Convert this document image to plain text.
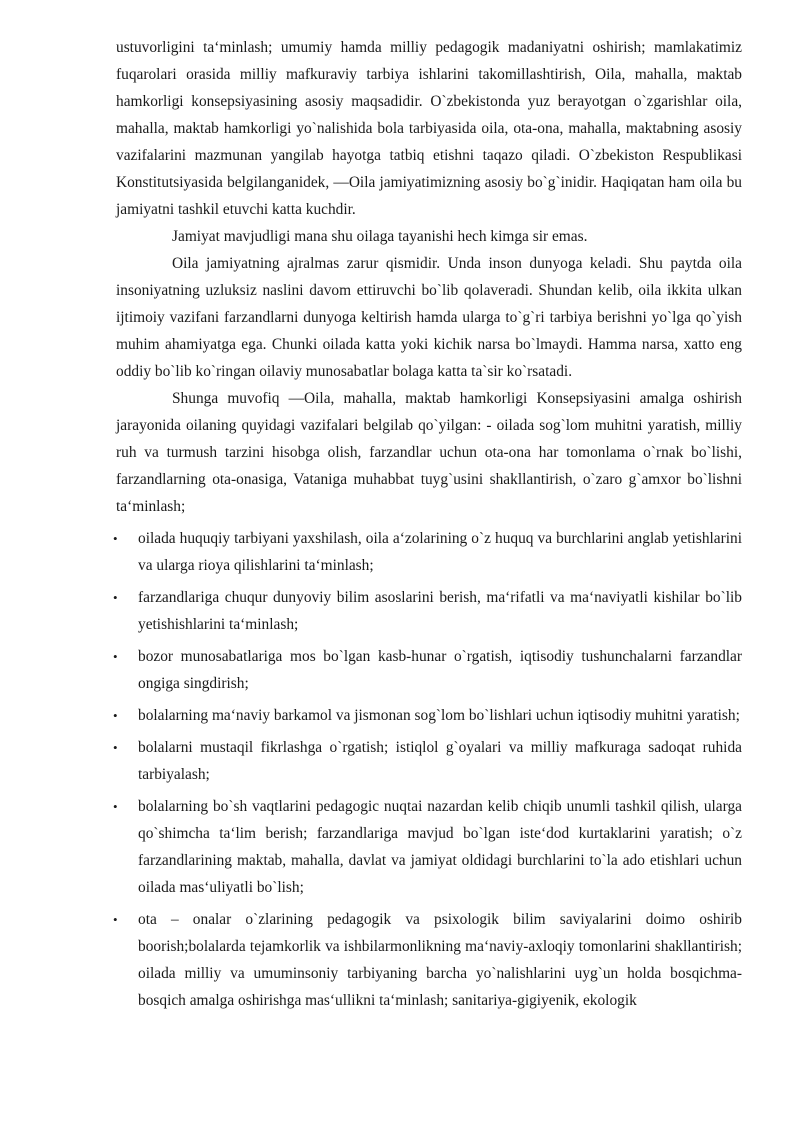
ustuvorligini ta‘minlash; umumiy hamda milliy pedagogik madaniyatni oshirish; mamlakatimiz fuqarolari orasida milliy mafkuraviy tarbiya ishlarini takomillashtirish, Oila, mahalla, maktab hamkorligi konsepsiyasining asosiy maqsadidir. O`zbekistonda yuz berayotgan o`zgarishlar oila, mahalla, maktab hamkorligi yo`nalishida bola tarbiyasida oila, ota-ona, mahalla, maktabning asosiy vazifalarini mazmunan yangilab hayotga tatbiq etishni taqazo qiladi. O`zbekiston Respublikasi Konstitutsiyasida belgilanganidek, ―Oila jamiyatimizning asosiy bo`g`inidir. Haqiqatan ham oila bu jamiyatni tashkil etuvchi katta kuchdir.

Jamiyat mavjudligi mana shu oilaga tayanishi hech kimga sir emas.

Oila jamiyatning ajralmas zarur qismidir. Unda inson dunyoga keladi. Shu paytda oila insoniyatning uzluksiz naslini davom ettiruvchi bo`lib qolaveradi. Shundan kelib, oila ikkita ulkan ijtimoiy vazifani farzandlarni dunyoga keltirish hamda ularga to`g`ri tarbiya berishni yo`lga qo`yish muhim ahamiyatga ega. Chunki oilada katta yoki kichik narsa bo`lmaydi. Hamma narsa, xatto eng oddiy bo`lib ko`ringan oilaviy munosabatlar bolaga katta ta`sir ko`rsatadi.

Shunga muvofiq ―Oila, mahalla, maktab hamkorligi Konsepsiyasini amalga oshirish jarayonida oilaning quyidagi vazifalari belgilab qo`yilgan: - oilada sog`lom muhitni yaratish, milliy ruh va turmush tarzini hisobga olish, farzandlar uchun ota-ona har tomonlama o`rnak bo`lishi, farzandlarning ota-onasiga, Vataniga muhabbat tuyg`usini shakllantirish, o`zaro g`amxor bo`lishni ta‘minlash;

• oilada huquqiy tarbiyani yaxshilash, oila a‘zolarining o`z huquq va burchlarini anglab yetishlarini va ularga rioya qilishlarini ta‘minlash;
• farzandlariga chuqur dunyoviy bilim asoslarini berish, ma‘rifatli va ma‘naviyatli kishilar bo`lib yetishishlarini ta‘minlash;
• bozor munosabatlariga mos bo`lgan kasb-hunar o`rgatish, iqtisodiy tushunchalarni farzandlar ongiga singdirish;
• bolalarning ma‘naviy barkamol va jismonan sog`lom bo`lishlari uchun iqtisodiy muhitni yaratish;
• bolalarni mustaqil fikrlashga o`rgatish; istiqlol g`oyalari va milliy mafkuraga sadoqat ruhida tarbiyalash;
• bolalarning bo`sh vaqtlarini pedagogic nuqtai nazardan kelib chiqib unumli tashkil qilish, ularga qo`shimcha ta‘lim berish; farzandlariga mavjud bo`lgan iste‘dod kurtaklarini yaratish; o`z farzandlarining maktab, mahalla, davlat va jamiyat oldidagi burchlarini to`la ado etishlari uchun oilada mas‘uliyatli bo`lish;
• ota – onalar o`zlarining pedagogik va psixologik bilim saviyalarini doimo oshirib boorish;bolalarda tejamkorlik va ishbilarmonlikning ma‘naviy-axloqiy tomonlarini shakllantirish; oilada milliy va umuminsoniy tarbiyaning barcha yo`nalishlarini uyg`un holda bosqichma-bosqich amalga oshirishga mas‘ullikni ta‘minlash; sanitariya-gigiyenik, ekologik
